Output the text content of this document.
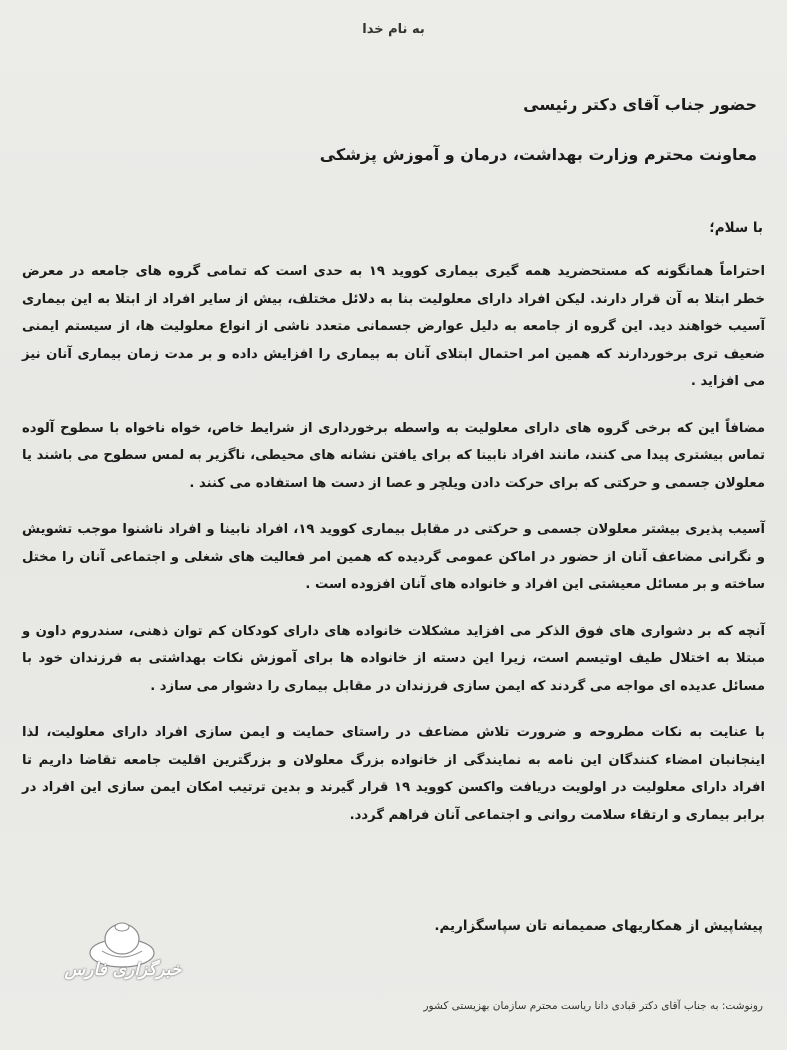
به نام خدا
حضور جناب آقای دکتر رئیسی
معاونت محترم وزارت بهداشت، درمان و آموزش پزشکی
با سلام؛

احتراماً همانگونه که مستحضرید همه گیری بیماری کووید ۱۹ به حدی است که تمامی گروه های جامعه در معرض خطر ابتلا به آن قرار دارند. لیکن افراد دارای معلولیت بنا به دلائل مختلف، بیش از سایر افراد از ابتلا به این بیماری آسیب خواهند دید. این گروه از جامعه به دلیل عوارض جسمانی متعدد ناشی از انواع معلولیت ها، از سیستم ایمنی ضعیف تری برخوردارند که همین امر احتمال ابتلای آنان به بیماری را افزایش داده و بر مدت زمان بیماری آنان نیز می افزاید .

مضافاً این که برخی گروه های دارای معلولیت به واسطه برخورداری از شرایط خاص، خواه ناخواه با سطوح آلوده تماس بیشتری پیدا می کنند، مانند افراد نابینا که برای یافتن نشانه های محیطی، ناگزیر به لمس سطوح می باشند یا معلولان جسمی و حرکتی که برای حرکت دادن ویلچر و عصا از دست ها استفاده می کنند .

آسیب پذیری بیشتر معلولان جسمی و حرکتی در مقابل بیماری کووید ۱۹، افراد نابینا و افراد ناشنوا موجب تشویش و نگرانی مضاعف آنان از حضور در اماکن عمومی گردیده که همین امر فعالیت های شغلی و اجتماعی آنان را مختل ساخته و بر مسائل معیشتی این افراد و خانواده های آنان افزوده است .

آنچه که بر دشواری های فوق الذکر می افزاید مشکلات خانواده های دارای کودکان کم توان ذهنی، سندروم داون و مبتلا به اختلال طیف اوتیسم است، زیرا این دسته از خانواده ها برای آموزش نکات بهداشتی به فرزندان خود با مسائل عدیده ای مواجه می گردند که ایمن سازی فرزندان در مقابل بیماری را دشوار می سازد .

با عنایت به نکات مطروحه و ضرورت تلاش مضاعف در راستای حمایت و ایمن سازی افراد دارای معلولیت، لذا اینجانبان امضاء کنندگان این نامه به نمایندگی از خانواده بزرگ معلولان و بزرگترین اقلیت جامعه تقاضا داریم تا افراد دارای معلولیت در اولویت دریافت واکسن کووید ۱۹ قرار گیرند و بدین ترتیب امکان ایمن سازی این افراد در برابر بیماری و ارتقاء سلامت روانی و اجتماعی آنان فراهم گردد.

پیشاپیش از همکاریهای صمیمانه تان سپاسگزاریم.
رونوشت: به جناب آقای دکتر قبادی دانا ریاست محترم سازمان بهزیستی کشور
خبرگزاری فارس
